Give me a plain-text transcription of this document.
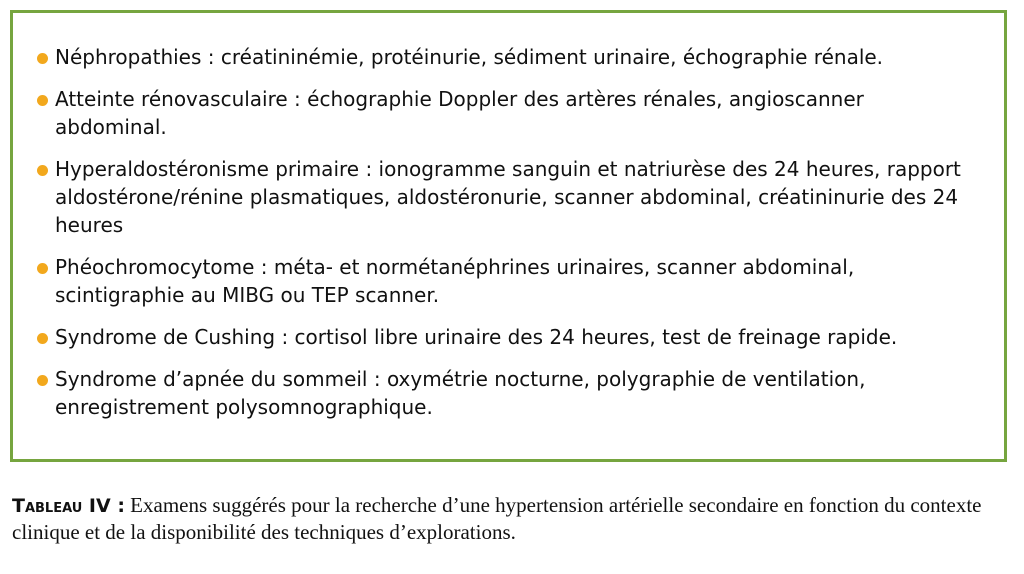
Néphropathies : créatininémie, protéinurie, sédiment urinaire, échographie rénale.
Atteinte rénovasculaire : échographie Doppler des artères rénales, angioscanner abdominal.
Hyperaldostéronisme primaire : ionogramme sanguin et natriurèse des 24 heures, rapport aldostérone/rénine plasmatiques, aldostéronurie, scanner abdominal, créatininurie des 24 heures
Phéochromocytome : méta- et normétanéphrines urinaires, scanner abdominal, scintigraphie au MIBG ou TEP scanner.
Syndrome de Cushing : cortisol libre urinaire des 24 heures, test de freinage rapide.
Syndrome d’apnée du sommeil : oxymétrie nocturne, polygraphie de ventilation, enregistrement polysomnographique.
Tableau IV : Examens suggérés pour la recherche d’une hypertension artérielle secondaire en fonction du contexte clinique et de la disponibilité des techniques d’explorations.
